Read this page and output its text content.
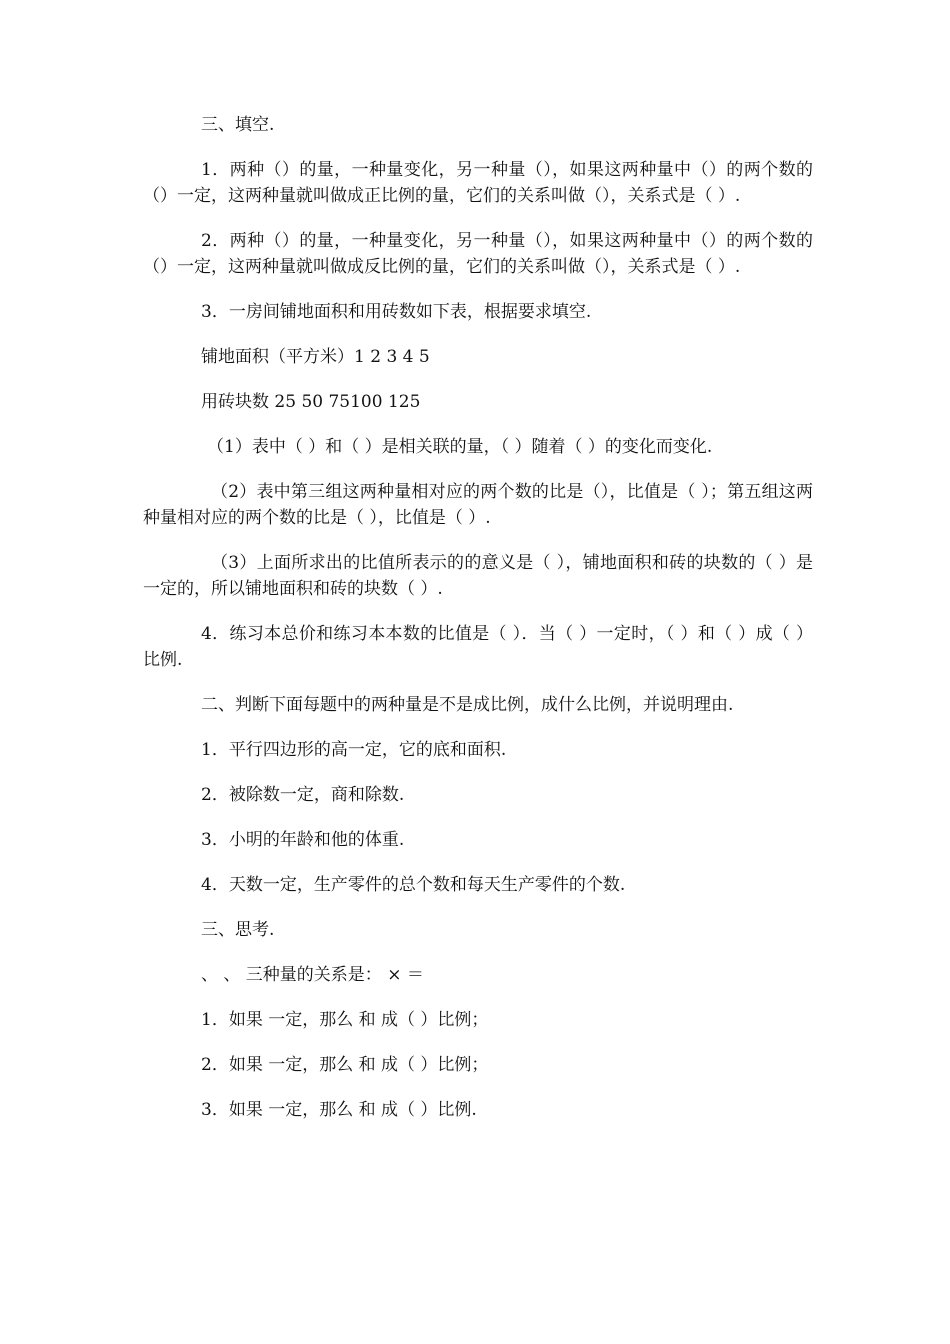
三、填空.

1．两种（）的量，一种量变化，另一种量（），如果这两种量中（）的两个数的（）一定，这两种量就叫做成正比例的量，它们的关系叫做（），关系式是（ ）.

2．两种（）的量，一种量变化，另一种量（），如果这两种量中（）的两个数的（）一定，这两种量就叫做成反比例的量，它们的关系叫做（），关系式是（ ）.

3．一房间铺地面积和用砖数如下表，根据要求填空.

铺地面积（平方米）1 2 3 4 5

用砖块数 25 50 75100 125

（1）表中（ ）和（ ）是相关联的量，（ ）随着（ ）的变化而变化.

（2）表中第三组这两种量相对应的两个数的比是（），比值是（ ）；第五组这两种量相对应的两个数的比是（ ），比值是（ ）.

（3）上面所求出的比值所表示的的意义是（ ），铺地面积和砖的块数的（ ）是一定的，所以铺地面积和砖的块数（ ）.

4．练习本总价和练习本本数的比值是（ ）．当（ ）一定时，（ ）和（ ）成（ ）比例.

二、判断下面每题中的两种量是不是成比例，成什么比例，并说明理由.

1．平行四边形的高一定，它的底和面积.

2．被除数一定，商和除数.

3．小明的年龄和他的体重.

4．天数一定，生产零件的总个数和每天生产零件的个数.

三、思考.

、 、 三种量的关系是： × ＝

1．如果 一定，那么 和 成（ ）比例；

2．如果 一定，那么 和 成（ ）比例；

3．如果 一定，那么 和 成（ ）比例.
